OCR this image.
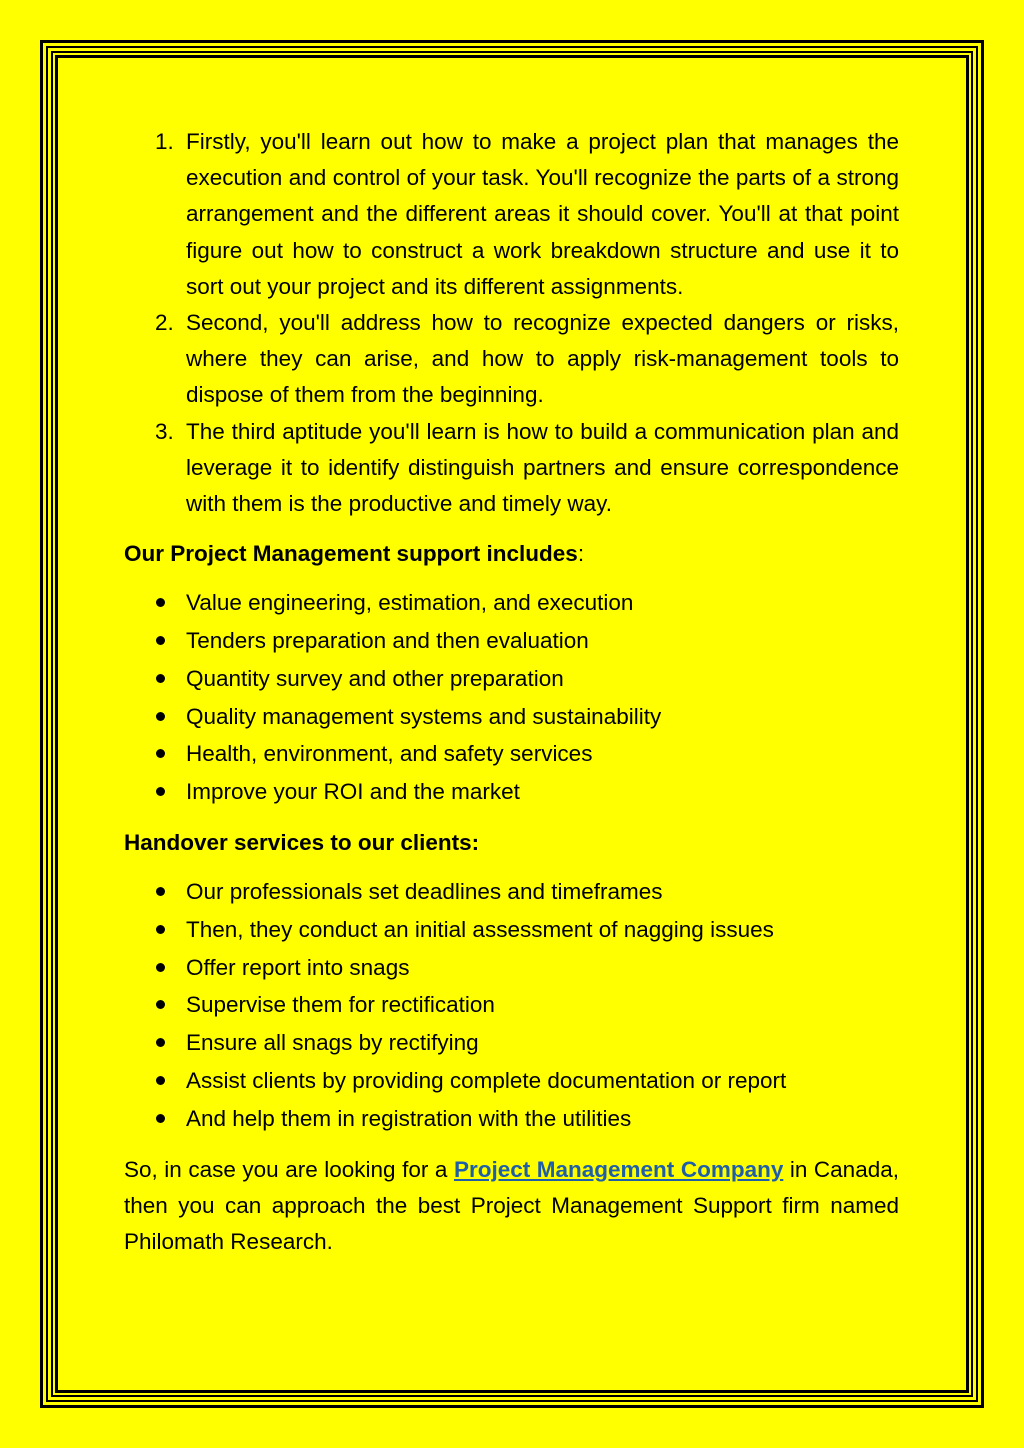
1. Firstly, you'll learn out how to make a project plan that manages the execution and control of your task. You'll recognize the parts of a strong arrangement and the different areas it should cover. You'll at that point figure out how to construct a work breakdown structure and use it to sort out your project and its different assignments.
2. Second, you'll address how to recognize expected dangers or risks, where they can arise, and how to apply risk-management tools to dispose of them from the beginning.
3. The third aptitude you'll learn is how to build a communication plan and leverage it to identify distinguish partners and ensure correspondence with them is the productive and timely way.
Our Project Management support includes:
Value engineering, estimation, and execution
Tenders preparation and then evaluation
Quantity survey and other preparation
Quality management systems and sustainability
Health, environment, and safety services
Improve your ROI and the market
Handover services to our clients:
Our professionals set deadlines and timeframes
Then, they conduct an initial assessment of nagging issues
Offer report into snags
Supervise them for rectification
Ensure all snags by rectifying
Assist clients by providing complete documentation or report
And help them in registration with the utilities

So, in case you are looking for a Project Management Company in Canada, then you can approach the best Project Management Support firm named Philomath Research.
